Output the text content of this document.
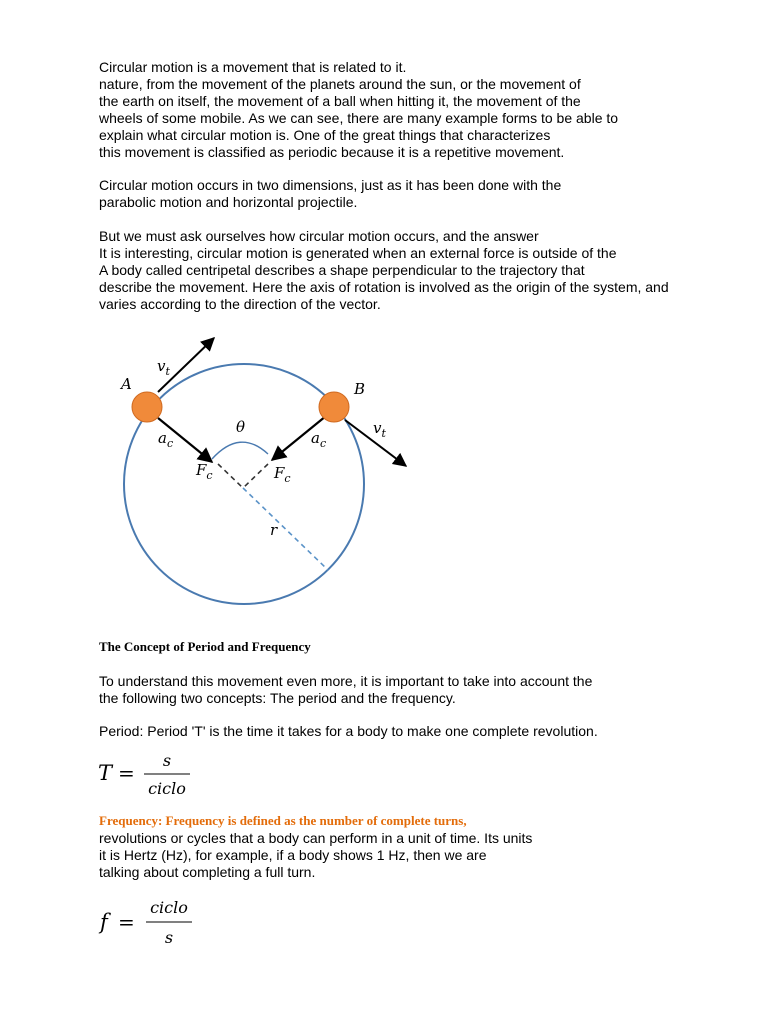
Circular motion is a movement that is related to it.
nature, from the movement of the planets around the sun, or the movement of
the earth on itself, the movement of a ball when hitting it, the movement of the
wheels of some mobile. As we can see, there are many example forms to be able to
explain what circular motion is. One of the great things that characterizes
this movement is classified as periodic because it is a repetitive movement.

Circular motion occurs in two dimensions, just as it has been done with the
parabolic motion and horizontal projectile.

But we must ask ourselves how circular motion occurs, and the answer
It is interesting, circular motion is generated when an external force is outside of the
A body called centripetal describes a shape perpendicular to the trajectory that
describe the movement. Here the axis of rotation is involved as the origin of the system, and
varies according to the direction of the vector.

A	B
$v_t$
$v_t$
$a_c$	$a_c$
$F_c$	$F_c$
θ
r
The Concept of Period and Frequency

To understand this movement even more, it is important to take into account the
the following two concepts: The period and the frequency.

Period: Period 'T' is the time it takes for a body to make one complete revolution.

T =
s
ciclo

Frequency: Frequency is defined as the number of complete turns,
revolutions or cycles that a body can perform in a unit of time. Its units
it is Hertz (Hz), for example, if a body shows 1 Hz, then we are
talking about completing a full turn.

f =
ciclo
s
